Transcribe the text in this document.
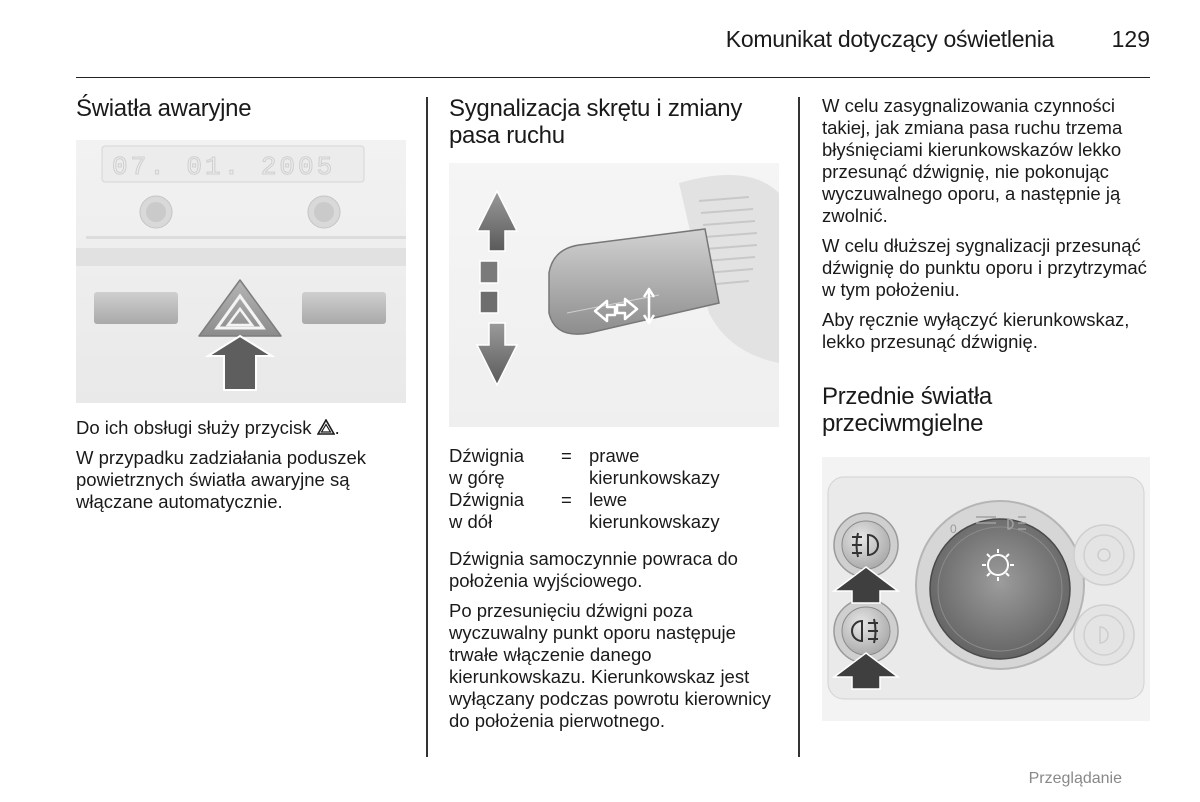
Komunikat dotyczący oświetlenia	129
Światła awaryjne
07. 01. 2005

Do ich obsługi służy przycisk .

W przypadku zadziałania poduszek powietrznych światła awaryjne są włączane automatycznie.

Sygnalizacja skrętu i zmiany pasa ruchu
Dźwignia
w górę
= prawe
kierunkowskazy
Dźwignia
w dół
= lewe
kierunkowskazy

Dźwignia samoczynnie powraca do położenia wyjściowego.

Po przesunięciu dźwigni poza wyczuwalny punkt oporu następuje trwałe włączenie danego kierunkowskazu. Kierunkowskaz jest wyłączany podczas powrotu kierownicy do położenia pierwotnego.

W celu zasygnalizowania czynności takiej, jak zmiana pasa ruchu trzema błyśnięciami kierunkowskazów lekko przesunąć dźwignię, nie pokonując wyczuwalnego oporu, a następnie ją zwolnić.

W celu dłuższej sygnalizacji przesunąć dźwignię do punktu oporu i przytrzymać w tym położeniu.

Aby ręcznie wyłączyć kierunkowskaz, lekko przesunąć dźwignię.

Przednie światła przeciwmgielne
0
Przeglądanie
